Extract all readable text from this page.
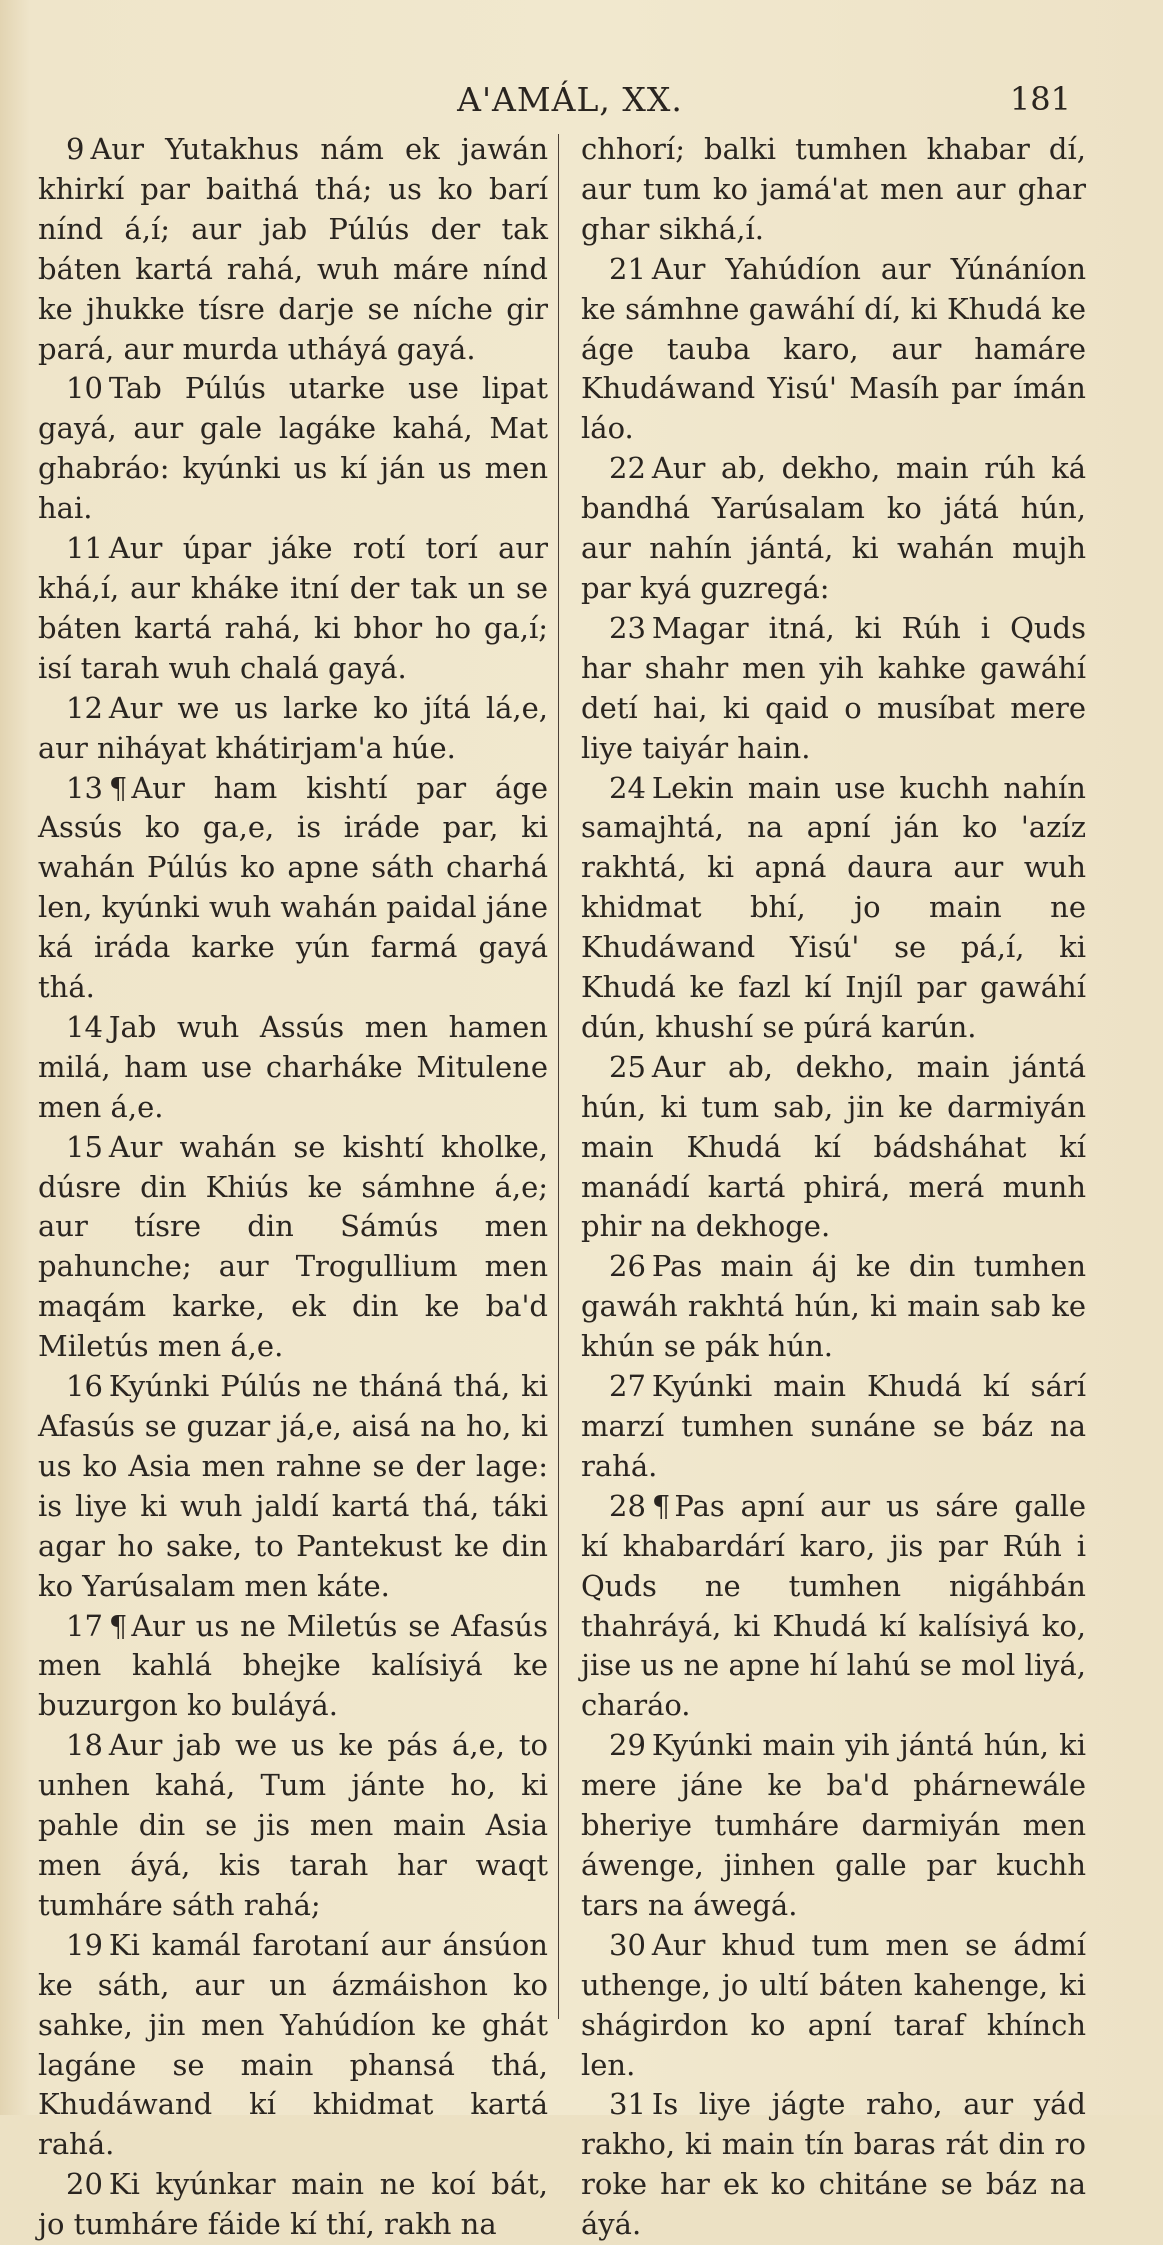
A'AMÁL, XX.	181

9 Aur Yutakhus nám ek jawán khirkí par baithá thá; us ko barí nínd á,í; aur jab Púlús der tak báten kartá rahá, wuh máre nínd ke jhukke tísre darje se níche gir pará, aur murda utháyá gayá.

10 Tab Púlús utarke use lipat gayá, aur gale lagáke kahá, Mat ghabráo: kyúnki us kí ján us men hai.

11 Aur úpar jáke rotí torí aur khá,í, aur kháke itní der tak un se báten kartá rahá, ki bhor ho ga,í; isí tarah wuh chalá gayá.

12 Aur we us larke ko jítá lá,e, aur niháyat khátirjam'a húe.

13 ¶ Aur ham kishtí par áge Assús ko ga,e, is iráde par, ki wahán Púlús ko apne sáth charhá len, kyúnki wuh wahán paidal jáne ká iráda karke yún farmá gayá thá.

14 Jab wuh Assús men hamen milá, ham use charháke Mitulene men á,e.

15 Aur wahán se kishtí kholke, dúsre din Khiús ke sámhne á,e; aur tísre din Sámús men pahunche; aur Trogullium men maqám karke, ek din ke ba'd Miletús men á,e.

16 Kyúnki Púlús ne tháná thá, ki Afasús se guzar já,e, aisá na ho, ki us ko Asia men rahne se der lage: is liye ki wuh jaldí kartá thá, táki agar ho sake, to Pantekust ke din ko Yarúsalam men káte.

17 ¶ Aur us ne Miletús se Afasús men kahlá bhejke kalísiyá ke buzurgon ko buláyá.

18 Aur jab we us ke pás á,e, to unhen kahá, Tum jánte ho, ki pahle din se jis men main Asia men áyá, kis tarah har waqt tumháre sáth rahá;

19 Ki kamál farotaní aur ánsúon ke sáth, aur un ázmáishon ko sahke, jin men Yahúdíon ke ghát lagáne se main phansá thá, Khudáwand kí khidmat kartá rahá.

20 Ki kyúnkar main ne koí bát, jo tumháre fáide kí thí, rakh na

chhorí; balki tumhen khabar dí, aur tum ko jamá'at men aur ghar ghar sikhá,í.

21 Aur Yahúdíon aur Yúnáníon ke sámhne gawáhí dí, ki Khudá ke áge tauba karo, aur hamáre Khudáwand Yisú' Masíh par ímán láo.

22 Aur ab, dekho, main rúh ká bandhá Yarúsalam ko játá hún, aur nahín jántá, ki wahán mujh par kyá guzregá:

23 Magar itná, ki Rúh i Quds har shahr men yih kahke gawáhí detí hai, ki qaid o musíbat mere liye taiyár hain.

24 Lekin main use kuchh nahín samajhtá, na apní ján ko 'azíz rakhtá, ki apná daura aur wuh khidmat bhí, jo main ne Khudáwand Yisú' se pá,í, ki Khudá ke fazl kí Injíl par gawáhí dún, khushí se púrá karún.

25 Aur ab, dekho, main jántá hún, ki tum sab, jin ke darmiyán main Khudá kí bádsháhat kí manádí kartá phirá, merá munh phir na dekhoge.

26 Pas main áj ke din tumhen gawáh rakhtá hún, ki main sab ke khún se pák hún.

27 Kyúnki main Khudá kí sárí marzí tumhen sunáne se báz na rahá.

28 ¶ Pas apní aur us sáre galle kí khabardárí karo, jis par Rúh i Quds ne tumhen nigáhbán thahráyá, ki Khudá kí kalísiyá ko, jise us ne apne hí lahú se mol liyá, charáo.

29 Kyúnki main yih jántá hún, ki mere jáne ke ba'd phárnewále bheriye tumháre darmiyán men áwenge, jinhen galle par kuchh tars na áwegá.

30 Aur khud tum men se ádmí uthenge, jo ultí báten kahenge, ki shágirdon ko apní taraf khínch len.

31 Is liye jágte raho, aur yád rakho, ki main tín baras rát din ro roke har ek ko chitáne se báz na áyá.
